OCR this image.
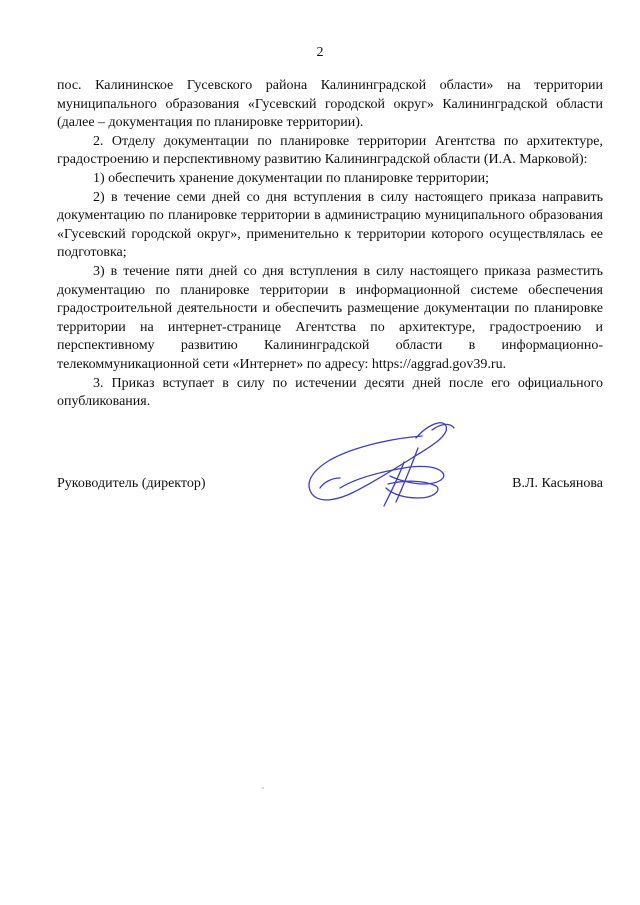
2

пос. Калининское Гусевского района Калининградской области» на территории муниципального образования «Гусевский городской округ» Калининградской области (далее – документация по планировке территории).

2. Отделу документации по планировке территории Агентства по архитектуре, градостроению и перспективному развитию Калининградской области (И.А. Марковой):

1) обеспечить хранение документации по планировке территории;

2) в течение семи дней со дня вступления в силу настоящего приказа направить документацию по планировке территории в администрацию муниципального образования «Гусевский городской округ», применительно к территории которого осуществлялась ее подготовка;

3) в течение пяти дней со дня вступления в силу настоящего приказа разместить документацию по планировке территории в информационной системе обеспечения градостроительной деятельности и обеспечить размещение документации по планировке территории на интернет-странице Агентства по архитектуре, градостроению и перспективному развитию Калининградской области в информационно-телекоммуникационной сети «Интернет» по адресу: https://aggrad.gov39.ru.

3. Приказ вступает в силу по истечении десяти дней после его официального опубликования.

Руководитель (директор)	В.Л. Касьянова
